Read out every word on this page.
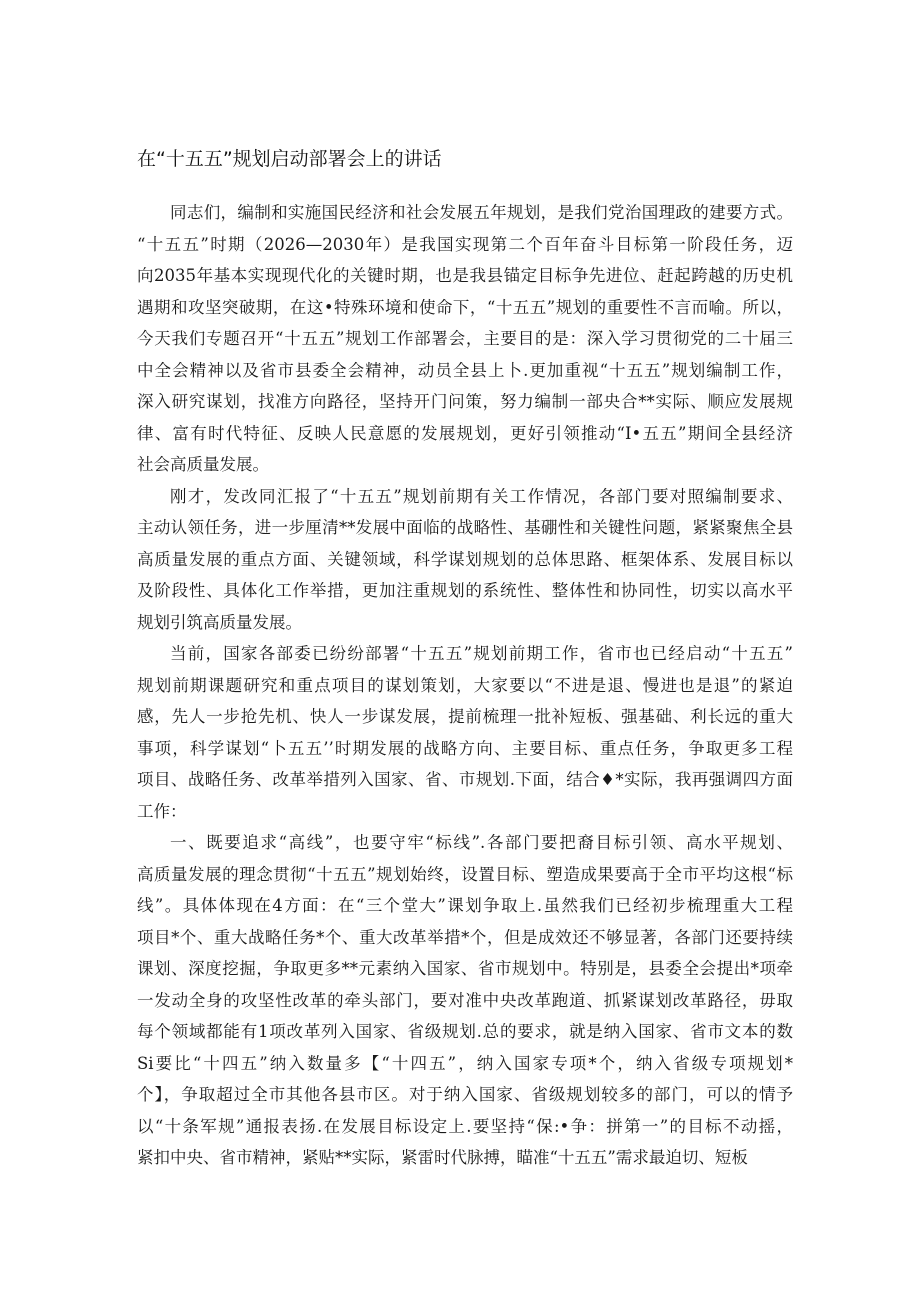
在“十五五”规划启动部署会上的讲话
同志们，编制和实施国民经济和社会发展五年规划，是我们党治国理政的建要方式。
“十五五”时期（2026—2030年）是我国实现第二个百年奋斗目标第一阶段任务，迈
向2035年基本实现现代化的关键时期，也是我县锚定目标争先进位、赶起跨越的历史机
遇期和攻坚突破期，在这•特殊环境和使命下，“十五五”规划的重要性不言而喻。所以，
今天我们专题召开“十五五”规划工作部署会，主要目的是：深入学习贯彻党的二十届三
中全会精神以及省市县委全会精神，动员全县上卜.更加重视“十五五”规划编制工作，
深入研究谋划，找准方向路径，坚持开门问策，努力编制一部央合**实际、顺应发展规
律、富有时代特征、反映人民意愿的发展规划，更好引领推动“I•五五”期间全县经济
社会高质量发展。
刚才，发改同汇报了“十五五”规划前期有关工作情况，各部门要对照编制要求、
主动认领任务，进一步厘清**发展中面临的战略性、基硼性和关键性问题，紧紧聚焦全县
高质量发展的重点方面、关键领域，科学谋划规划的总体思路、框架体系、发展目标以
及阶段性、具体化工作举措，更加注重规划的系统性、整体性和协同性，切实以高水平
规划引筑高质量发展。
当前，国家各部委已纷纷部署“十五五”规划前期工作，省市也已经启动“十五五”
规划前期课题研究和重点项目的谋划策划，大家要以“不进是退、慢进也是退”的紧迫
感，先人一步抢先机、快人一步谋发展，提前梳理一批补短板、强基础、利长远的重大
事项，科学谋划“卜五五’’时期发展的战略方向、主要目标、重点任务，争取更多工程
项目、战略任务、改革举措列入国家、省、市规划.下面，结合♦*实际，我再强调四方面
工作：
一、既要追求“高线”，也要守牢“标线”.各部门要把裔目标引领、高水平规划、
高质量发展的理念贯彻“十五五”规划始终，设置目标、塑造成果要高于全市平均这根“标
线”。具体体现在4方面：在“三个堂大”课划争取上.虽然我们已经初步梳理重大工程
项目*个、重大战略任务*个、重大改革举措*个，但是成效还不够显著，各部门还要持续
课划、深度挖掘，争取更多**元素纳入国家、省市规划中。特别是，县委全会提出*项牵
一发动全身的攻坚性改革的牵头部门，要对准中央改革跑道、抓紧谋划改革路径，毋取
每个领域都能有1项改革列入国家、省级规划.总的要求，就是纳入国家、省市文本的数
Si要比“十四五”纳入数量多【“十四五”，纳入国家专项*个，纳入省级专项规划*
个】，争取超过全市其他各县市区。对于纳入国家、省级规划较多的部门，可以的情予
以“十条军规”通报表扬.在发展目标设定上.要坚持“保:•争：拼第一”的目标不动摇，
紧扣中央、省市精神，紧贴**实际，紧雷时代脉搏，瞄准“十五五”需求最迫切、短板
